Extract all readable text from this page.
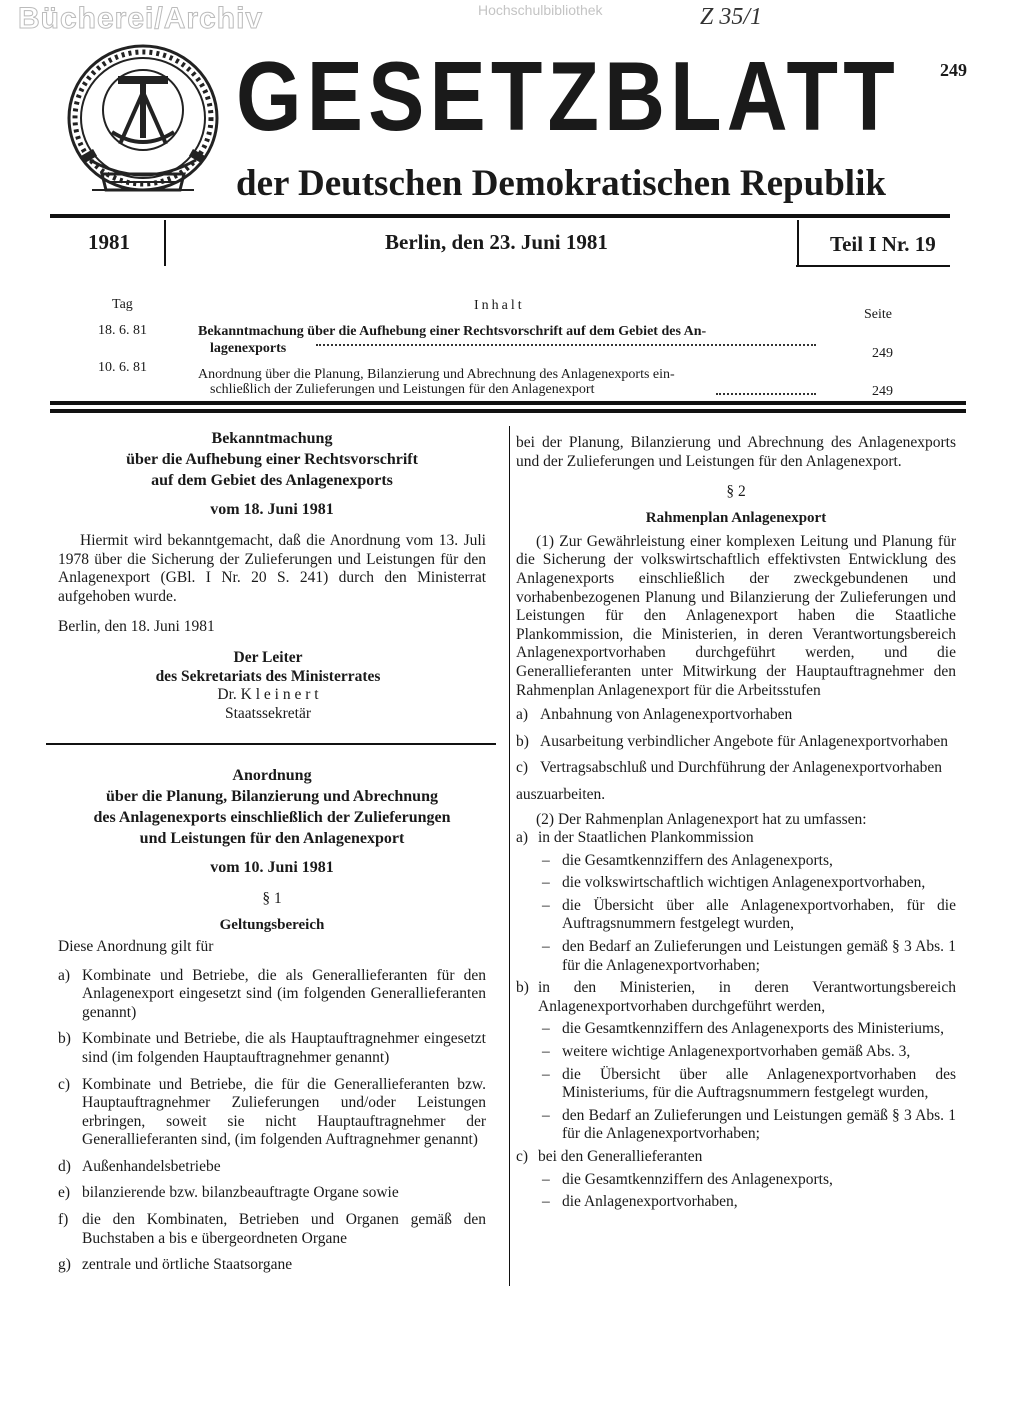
Bücherei/Archiv	Hochschulbibliothek	Z 35/1
GESETZBLATT
der Deutschen Demokratischen Republik
249
1981	Berlin, den 23. Juni 1981	Teil I Nr. 19
Tag	Inhalt
Seite
18. 6. 81	Bekanntmachung über die Aufhebung einer Rechtsvorschrift auf dem Gebiet des An-
lagenexports	249
10. 6. 81	Anordnung über die Planung, Bilanzierung und Abrechnung des Anlagenexports ein-
schließlich der Zulieferungen und Leistungen für den Anlagenexport	249
Bekanntmachung
über die Aufhebung einer Rechtsvorschrift
auf dem Gebiet des Anlagenexports
vom 18. Juni 1981

Hiermit wird bekanntgemacht, daß die Anordnung vom 13. Juli 1978 über die Sicherung der Zulieferungen und Leistungen für den Anlagenexport (GBl. I Nr. 20 S. 241) durch den Ministerrat aufgehoben wurde.

Berlin, den 18. Juni 1981

Der Leiter
des Sekretariats des Ministerrates
Dr. K l e i n e r t
Staatssekretär
Anordnung
über die Planung, Bilanzierung und Abrechnung
des Anlagenexports einschließlich der Zulieferungen
und Leistungen für den Anlagenexport
vom 10. Juni 1981
§ 1
Geltungsbereich

Diese Anordnung gilt für

a) Kombinate und Betriebe, die als Generallieferanten für den Anlagenexport eingesetzt sind (im folgenden Generallieferanten genannt)
b) Kombinate und Betriebe, die als Hauptauftragnehmer eingesetzt sind (im folgenden Hauptauftragnehmer genannt)
c) Kombinate und Betriebe, die für die Generallieferanten bzw. Hauptauftragnehmer Zulieferungen und/oder Leistungen erbringen, soweit sie nicht Hauptauftragnehmer der Generallieferanten sind, (im folgenden Auftragnehmer genannt)
d) Außenhandelsbetriebe
e) bilanzierende bzw. bilanzbeauftragte Organe sowie
f) die den Kombinaten, Betrieben und Organen gemäß den Buchstaben a bis e übergeordneten Organe
g) zentrale und örtliche Staatsorgane

bei der Planung, Bilanzierung und Abrechnung des Anlagenexports und der Zulieferungen und Leistungen für den Anlagenexport.

§ 2
Rahmenplan Anlagenexport

(1) Zur Gewährleistung einer komplexen Leitung und Planung für die Sicherung der volkswirtschaftlich effektivsten Entwicklung des Anlagenexports einschließlich der zweckgebundenen und vorhabenbezogenen Planung und Bilanzierung der Zulieferungen und Leistungen für den Anlagenexport haben die Staatliche Plankommission, die Ministerien, in deren Verantwortungsbereich Anlagenexportvorhaben durchgeführt werden, und die Generallieferanten unter Mitwirkung der Hauptauftragnehmer den Rahmenplan Anlagenexport für die Arbeitsstufen

a) Anbahnung von Anlagenexportvorhaben
b) Ausarbeitung verbindlicher Angebote für Anlagenexportvorhaben
c) Vertragsabschluß und Durchführung der Anlagenexportvorhaben

auszuarbeiten.

(2) Der Rahmenplan Anlagenexport hat zu umfassen:

a) in der Staatlichen Plankommission
– die Gesamtkennziffern des Anlagenexports,
– die volkswirtschaftlich wichtigen Anlagenexportvorhaben,
– die Übersicht über alle Anlagenexportvorhaben, für die Auftragsnummern festgelegt wurden,
– den Bedarf an Zulieferungen und Leistungen gemäß § 3 Abs. 1 für die Anlagenexportvorhaben;
b) in den Ministerien, in deren Verantwortungsbereich Anlagenexportvorhaben durchgeführt werden,
– die Gesamtkennziffern des Anlagenexports des Ministeriums,
– weitere wichtige Anlagenexportvorhaben gemäß Abs. 3,
– die Übersicht über alle Anlagenexportvorhaben des Ministeriums, für die Auftragsnummern festgelegt wurden,
– den Bedarf an Zulieferungen und Leistungen gemäß § 3 Abs. 1 für die Anlagenexportvorhaben;
c) bei den Generallieferanten
– die Gesamtkennziffern des Anlagenexports,
– die Anlagenexportvorhaben,
